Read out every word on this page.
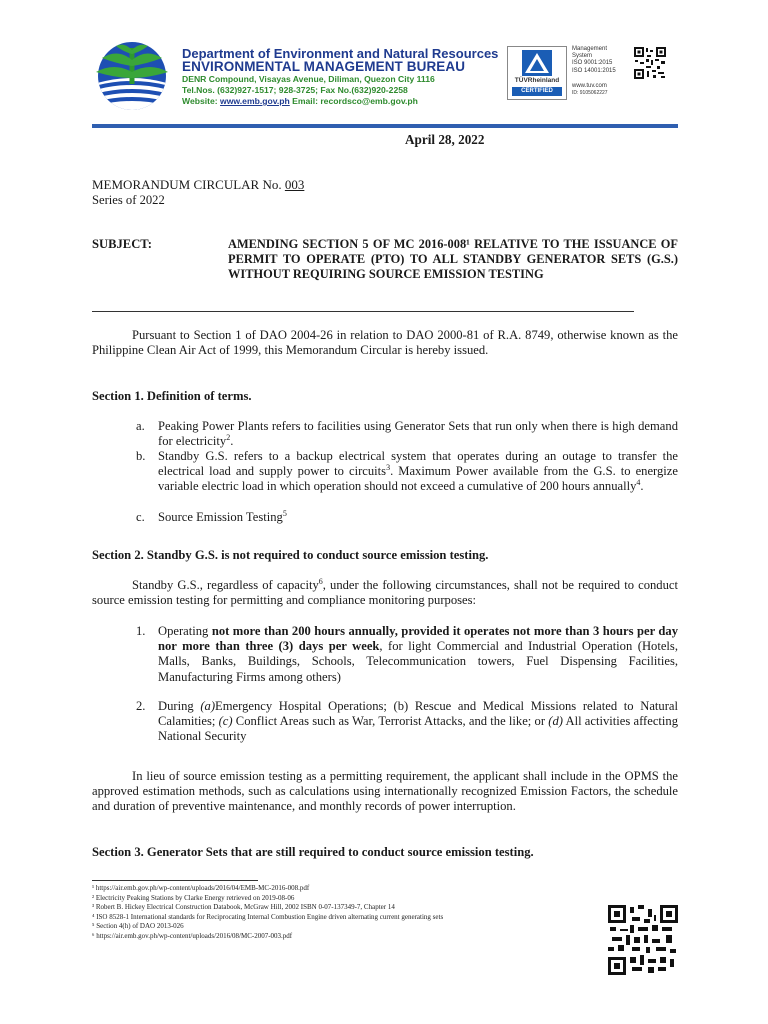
Department of Environment and Natural Resources
ENVIRONMENTAL MANAGEMENT BUREAU
DENR Compound, Visayas Avenue, Diliman, Quezon City 1116
Tel.Nos. (632)927-1517; 928-3725; Fax No.(632)920-2258
Website: www.emb.gov.ph Email: recordsco@emb.gov.ph
TÜVRheinland
CERTIFIED
Management System
ISO 9001:2015
ISO 14001:2015
www.tuv.com
ID: 9105062227
April 28, 2022
MEMORANDUM CIRCULAR No. 003
Series of 2022
SUBJECT:	AMENDING SECTION 5 OF MC 2016-008¹ RELATIVE TO THE ISSUANCE OF PERMIT TO OPERATE (PTO) TO ALL STANDBY GENERATOR SETS (G.S.) WITHOUT REQUIRING SOURCE EMISSION TESTING

Pursuant to Section 1 of DAO 2004-26 in relation to DAO 2000-81 of R.A. 8749, otherwise known as the Philippine Clean Air Act of 1999, this Memorandum Circular is hereby issued.

Section 1. Definition of terms.
a. Peaking Power Plants refers to facilities using Generator Sets that run only when there is high demand for electricity$^2$.
b. Standby G.S. refers to a backup electrical system that operates during an outage to transfer the electrical load and supply power to circuits$^3$. Maximum Power available from the G.S. to energize variable electric load in which operation should not exceed a cumulative of 200 hours annually$^4$.
c. Source Emission Testing$^5$
Section 2. Standby G.S. is not required to conduct source emission testing.

Standby G.S., regardless of capacity$^6$, under the following circumstances, shall not be required to conduct source emission testing for permitting and compliance monitoring purposes:

1. Operating not more than 200 hours annually, provided it operates not more than 3 hours per day nor more than three (3) days per week, for light Commercial and Industrial Operation (Hotels, Malls, Banks, Buildings, Schools, Telecommunication towers, Fuel Dispensing Facilities, Manufacturing Firms among others)
2. During (a)Emergency Hospital Operations; (b) Rescue and Medical Missions related to Natural Calamities; (c) Conflict Areas such as War, Terrorist Attacks, and the like; or (d) All activities affecting National Security

In lieu of source emission testing as a permitting requirement, the applicant shall include in the OPMS the approved estimation methods, such as calculations using internationally recognized Emission Factors, the schedule and duration of preventive maintenance, and monthly records of power interruption.

Section 3. Generator Sets that are still required to conduct source emission testing.
¹ https://air.emb.gov.ph/wp-content/uploads/2016/04/EMB-MC-2016-008.pdf
² Electricity Peaking Stations by Clarke Energy retrieved on 2019-08-06
³ Robert B. Hickey Electrical Construction Databook, McGraw Hill, 2002 ISBN 0-07-137349-7, Chapter 14
⁴ ISO 8528-1 International standards for Reciprocating Internal Combustion Engine driven alternating current generating sets
⁵ Section 4(h) of DAO 2013-026
⁶ https://air.emb.gov.ph/wp-content/uploads/2016/08/MC-2007-003.pdf
